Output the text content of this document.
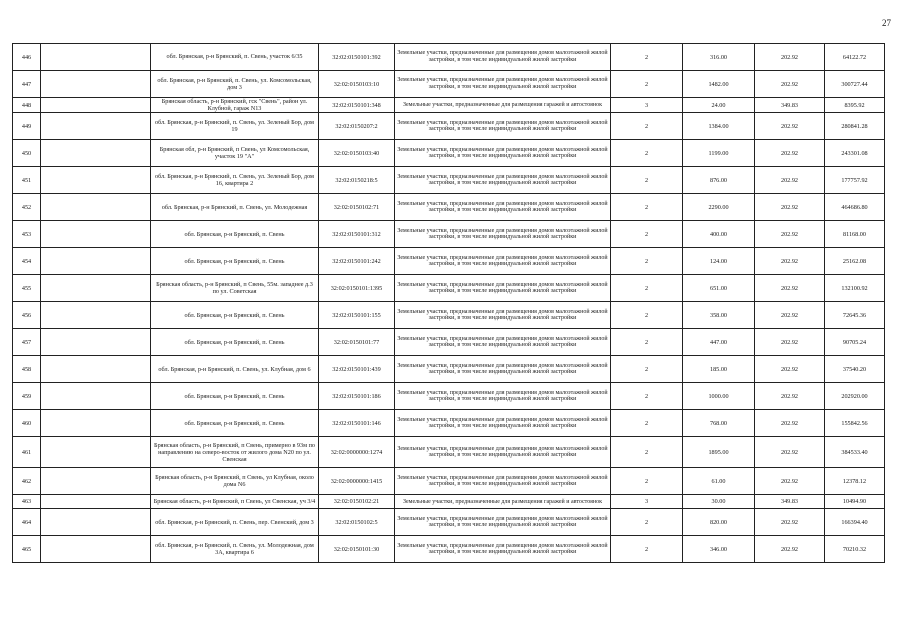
27
446		обл. Брянская, р-н Брянский, п. Свень, участок 6/35	32:02:0150101:392	Земельные участки, предназначенные для размещения домов малоэтажной жилой застройки, в том числе индивидуальной жилой застройки	2	316.00	202.92	64122.72
447		обл. Брянская, р-н Брянский, п. Свень, ул. Комсомольская, дом 3	32:02:0150103:10	Земельные участки, предназначенные для размещения домов малоэтажной жилой застройки, в том числе индивидуальной жилой застройки	2	1482.00	202.92	300727.44
448		Брянская область, р-н Брянский, гск "Свень", район ул. Клубной, гараж N13	32:02:0150101:348	Земельные участки, предназначенные для размещения гаражей и автостоянок	3	24.00	349.83	8395.92
449		обл. Брянская, р-н Брянский, п. Свень, ул. Зеленый Бор, дом 19	32:02:0150207:2	Земельные участки, предназначенные для размещения домов малоэтажной жилой застройки, в том числе индивидуальной жилой застройки	2	1384.00	202.92	280841.28
450		Брянская обл, р-н Брянский, п Свень, ул Комсомольская, участок 19 "А"	32:02:0150103:40	Земельные участки, предназначенные для размещения домов малоэтажной жилой застройки, в том числе индивидуальной жилой застройки	2	1199.00	202.92	243301.08
451		обл. Брянская, р-н Брянский, п. Свень, ул. Зеленый Бор, дом 16, квартира 2	32:02:0150218:5	Земельные участки, предназначенные для размещения домов малоэтажной жилой застройки, в том числе индивидуальной жилой застройки	2	876.00	202.92	177757.92
452		обл. Брянская, р-н Брянский, п. Свень, ул. Молодежная	32:02:0150102:71	Земельные участки, предназначенные для размещения домов малоэтажной жилой застройки, в том числе индивидуальной жилой застройки	2	2290.00	202.92	464686.80
453		обл. Брянская, р-н Брянский, п. Свень	32:02:0150101:312	Земельные участки, предназначенные для размещения домов малоэтажной жилой застройки, в том числе индивидуальной жилой застройки	2	400.00	202.92	81168.00
454		обл. Брянская, р-н Брянский, п. Свень	32:02:0150101:242	Земельные участки, предназначенные для размещения домов малоэтажной жилой застройки, в том числе индивидуальной жилой застройки	2	124.00	202.92	25162.08
455		Брянская область, р-н Брянский, п Свень, 55м. западнее д.3 по ул. Советская	32:02:0150101:1395	Земельные участки, предназначенные для размещения домов малоэтажной жилой застройки, в том числе индивидуальной жилой застройки	2	651.00	202.92	132100.92
456		обл. Брянская, р-н Брянский, п. Свень	32:02:0150101:155	Земельные участки, предназначенные для размещения домов малоэтажной жилой застройки, в том числе индивидуальной жилой застройки	2	358.00	202.92	72645.36
457		обл. Брянская, р-н Брянский, п. Свень	32:02:0150101:77	Земельные участки, предназначенные для размещения домов малоэтажной жилой застройки, в том числе индивидуальной жилой застройки	2	447.00	202.92	90705.24
458		обл. Брянская, р-н Брянский, п. Свень, ул. Клубная, дом 6	32:02:0150101:439	Земельные участки, предназначенные для размещения домов малоэтажной жилой застройки, в том числе индивидуальной жилой застройки	2	185.00	202.92	37540.20
459		обл. Брянская, р-н Брянский, п. Свень	32:02:0150101:186	Земельные участки, предназначенные для размещения домов малоэтажной жилой застройки, в том числе индивидуальной жилой застройки	2	1000.00	202.92	202920.00
460		обл. Брянская, р-н Брянский, п. Свень	32:02:0150101:146	Земельные участки, предназначенные для размещения домов малоэтажной жилой застройки, в том числе индивидуальной жилой застройки	2	768.00	202.92	155842.56
461		Брянская область, р-н Брянский, п Свень, примерно в 93м по направлению на северо-восток от жилого дома N20 по ул. Свенская	32:02:0000000:1274	Земельные участки, предназначенные для размещения домов малоэтажной жилой застройки, в том числе индивидуальной жилой застройки	2	1895.00	202.92	384533.40
462		Брянская область, р-н Брянский, п Свень, ул Клубная, около дома N6	32:02:0000000:1415	Земельные участки, предназначенные для размещения домов малоэтажной жилой застройки, в том числе индивидуальной жилой застройки	2	61.00	202.92	12378.12
463		Брянская область, р-н Брянский, п Свень, ул Свенская, уч 3/4	32:02:0150102:21	Земельные участки, предназначенные для размещения гаражей и автостоянок	3	30.00	349.83	10494.90
464		обл. Брянская, р-н Брянский, п. Свень, пер. Свенский, дом 3	32:02:0150102:5	Земельные участки, предназначенные для размещения домов малоэтажной жилой застройки, в том числе индивидуальной жилой застройки	2	820.00	202.92	166394.40
465		обл. Брянская, р-н Брянский, п. Свень, ул. Молодежная, дом 3А, квартира 6	32:02:0150101:30	Земельные участки, предназначенные для размещения домов малоэтажной жилой застройки, в том числе индивидуальной жилой застройки	2	346.00	202.92	70210.32
